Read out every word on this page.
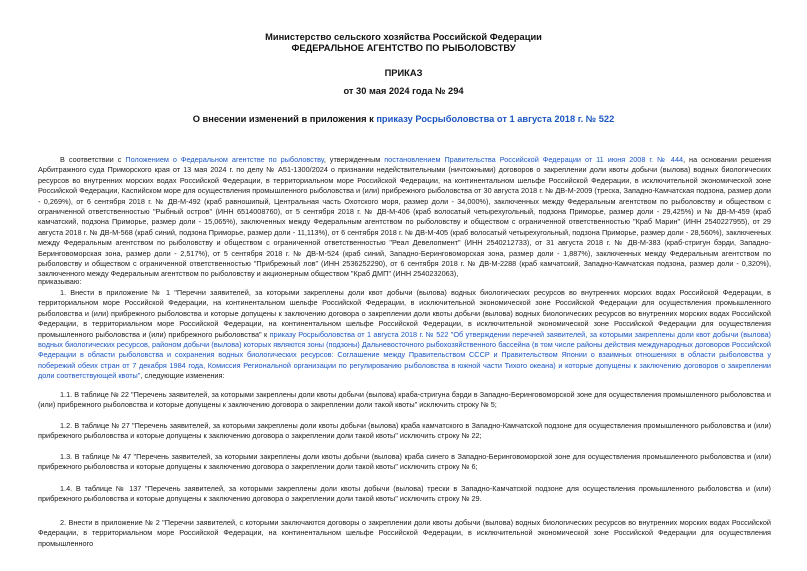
Министерство сельского хозяйства Российской Федерации
ФЕДЕРАЛЬНОЕ АГЕНТСТВО ПО РЫБОЛОВСТВУ
ПРИКАЗ
от 30 мая 2024 года № 294
О внесении изменений в приложения к приказу Росрыболовства от 1 августа 2018 г. № 522
В соответствии с Положением о Федеральном агентстве по рыболовству, утвержденным постановлением Правительства Российской Федерации от 11 июня 2008 г. № 444, на основании решения Арбитражного суда Приморского края от 13 мая 2024 г. по делу № А51-1300/2024 о признании недействительными (ничтожными) договоров о закреплении доли квоты добычи (вылова) водных биологических ресурсов во внутренних морских водах Российской Федерации, в территориальном море Российской Федерации, на континентальном шельфе Российской Федерации, в исключительной экономической зоне Российской Федерации, Каспийском море для осуществления промышленного рыболовства и (или) прибрежного рыболовства от 30 августа 2018 г. № ДВ-М-2009 (треска, Западно-Камчатская подзона, размер доли - 0,269%), от 6 сентября 2018 г. № ДВ-М-492 (краб равношипый, Центральная часть Охотского моря, размер доли - 34,000%), заключенных между Федеральным агентством по рыболовству и обществом с ограниченной ответственностью "Рыбный остров" (ИНН 6514008760), от 5 сентября 2018 г. № ДВ-М-406 (краб волосатый четырехугольный, подзона Приморье, размер доли - 29,425%) и № ДВ-М-459 (краб камчатский, подзона Приморье, размер доли - 15,065%), заключенных между Федеральным агентством по рыболовству и обществом с ограниченной ответственностью "Краб Марин" (ИНН 2540227955), от 29 августа 2018 г. № ДВ-М-568 (краб синий, подзона Приморье, размер доли - 11,113%), от 6 сентября 2018 г. № ДВ-М-405 (краб волосатый четырехугольный, подзона Приморье, размер доли - 28,560%), заключенных между Федеральным агентством по рыболовству и обществом с ограниченной ответственностью "Реал Девелопмент" (ИНН 2540212733), от 31 августа 2018 г. № ДВ-М-383 (краб-стригун бэрди, Западно-Беринговоморская зона, размер доли - 2,517%), от 5 сентября 2018 г. № ДВ-М-524 (краб синий, Западно-Беринговоморская зона, размер доли - 1,887%), заключенных между Федеральным агентством по рыболовству и обществом с ограниченной ответственностью "Прибрежный лов" (ИНН 2536252290), от 6 сентября 2018 г. № ДВ-М-2288 (краб камчатский, Западно-Камчатская подзона, размер доли - 0,320%), заключенного между Федеральным агентством по рыболовству и акционерным обществом "Краб ДМП" (ИНН 2540232063),
приказываю:
1. Внести в приложение № 1 "Перечни заявителей, за которыми закреплены доли квот добычи (вылова) водных биологических ресурсов во внутренних морских водах Российской Федерации, в территориальном море Российской Федерации, на континентальном шельфе Российской Федерации, в исключительной экономической зоне Российской Федерации для осуществления промышленного рыболовства и (или) прибрежного рыболовства и которые допущены к заключению договора о закреплении доли квоты добычи (вылова) водных биологических ресурсов во внутренних морских водах Российской Федерации, в территориальном море Российской Федерации, на континентальном шельфе Российской Федерации, в исключительной экономической зоне Российской Федерации для осуществления промышленного рыболовства и (или) прибрежного рыболовства" к приказу Росрыболовства от 1 августа 2018 г. № 522 "Об утверждении перечней заявителей, за которыми закреплены доли квот добычи (вылова) водных биологических ресурсов, районом добычи (вылова) которых являются зоны (подзоны) Дальневосточного рыбохозяйственного бассейна (в том числе районы действия международных договоров Российской Федерации в области рыболовства и сохранения водных биологических ресурсов: Соглашение между Правительством СССР и Правительством Японии о взаимных отношениях в области рыболовства у побережий обеих стран от 7 декабря 1984 года, Комиссия Региональной организации по регулированию рыболовства в южной части Тихого океана) и которые допущены к заключению договоров о закреплении доли соответствующей квоты", следующие изменения:
1.1. В таблице № 22 "Перечень заявителей, за которыми закреплены доли квоты добычи (вылова) краба-стригуна бэрди в Западно-Беринговоморской зоне для осуществления промышленного рыболовства и (или) прибрежного рыболовства и которые допущены к заключению договора о закреплении доли такой квоты" исключить строку № 5;
1.2. В таблице № 27 "Перечень заявителей, за которыми закреплены доли квоты добычи (вылова) краба камчатского в Западно-Камчатской подзоне для осуществления промышленного рыболовства и (или) прибрежного рыболовства и которые допущены к заключению договора о закреплении доли такой квоты" исключить строку № 22;
1.3. В таблице № 47 "Перечень заявителей, за которыми закреплены доли квоты добычи (вылова) краба синего в Западно-Беринговоморской зоне для осуществления промышленного рыболовства и (или) прибрежного рыболовства и которые допущены к заключению договора о закреплении доли такой квоты" исключить строку № 6;
1.4. В таблице № 137 "Перечень заявителей, за которыми закреплены доли квоты добычи (вылова) трески в Западно-Камчатской подзоне для осуществления промышленного рыболовства и (или) прибрежного рыболовства и которые допущены к заключению договора о закреплении доли такой квоты" исключить строку № 29.
2. Внести в приложение № 2 "Перечни заявителей, с которыми заключаются договоры о закреплении доли квоты добычи (вылова) водных биологических ресурсов во внутренних морских водах Российской Федерации, в территориальном море Российской Федерации, на континентальном шельфе Российской Федерации, в исключительной экономической зоне Российской Федерации для осуществления промышленного
